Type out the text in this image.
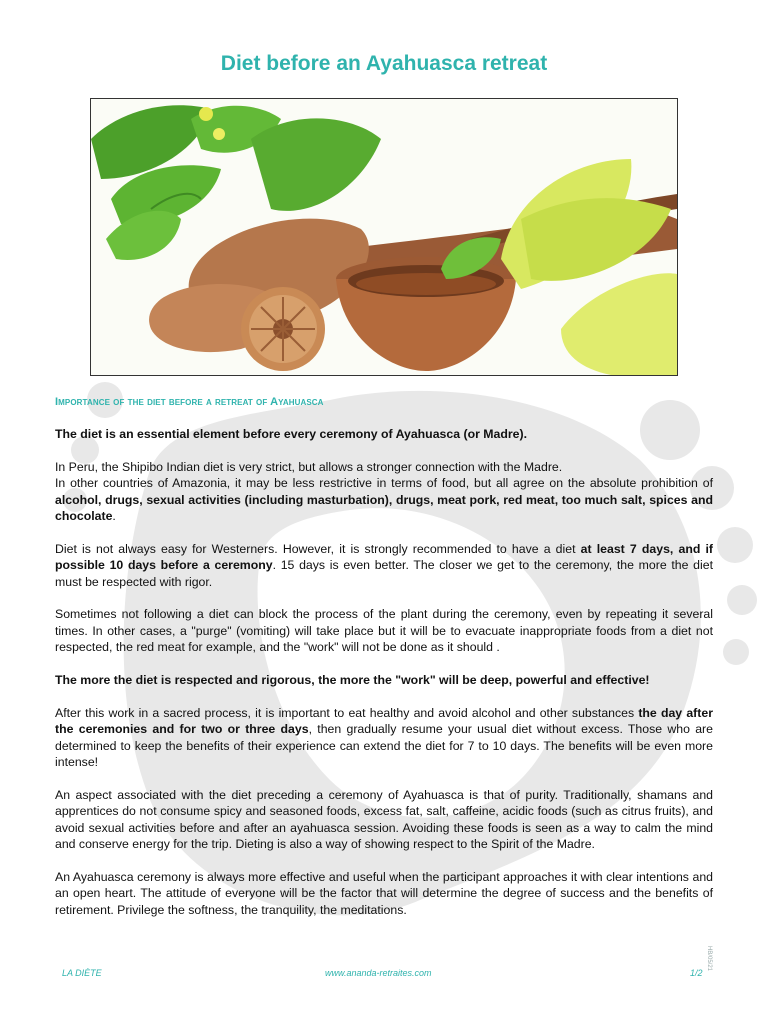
Diet before an Ayahuasca retreat
Importance of the diet before a retreat of Ayahuasca

The diet is an essential element before every ceremony of Ayahuasca (or Madre).

In Peru, the Shipibo Indian diet is very strict, but allows a stronger connection with the Madre.
In other countries of Amazonia, it may be less restrictive in terms of food, but all agree on the absolute prohibition of alcohol, drugs, sexual activities (including masturbation), drugs, meat pork, red meat, too much salt, spices and chocolate.

Diet is not always easy for Westerners. However, it is strongly recommended to have a diet at least 7 days, and if possible 10 days before a ceremony. 15 days is even better. The closer we get to the ceremony, the more the diet must be respected with rigor.

Sometimes not following a diet can block the process of the plant during the ceremony, even by repeating it several times. In other cases, a "purge" (vomiting) will take place but it will be to evacuate inappropriate foods from a diet not respected, the red meat for example, and the "work" will not be done as it should .

The more the diet is respected and rigorous, the more the "work" will be deep, powerful and effective!

After this work in a sacred process, it is important to eat healthy and avoid alcohol and other substances the day after the ceremonies and for two or three days, then gradually resume your usual diet without excess. Those who are determined to keep the benefits of their experience can extend the diet for 7 to 10 days. The benefits will be even more intense!

An aspect associated with the diet preceding a ceremony of Ayahuasca is that of purity. Traditionally, shamans and apprentices do not consume spicy and seasoned foods, excess fat, salt, caffeine, acidic foods (such as citrus fruits), and avoid sexual activities before and after an ayahuasca session. Avoiding these foods is seen as a way to calm the mind and conserve energy for the trip. Dieting is also a way of showing respect to the Spirit of the Madre.

An Ayahuasca ceremony is always more effective and useful when the participant approaches it with clear intentions and an open heart. The attitude of everyone will be the factor that will determine the degree of success and the benefits of retirement. Privilege the softness, the tranquility, the meditations.

HB/05/21
LA DIÈTE	www.ananda-retraites.com	1/2
